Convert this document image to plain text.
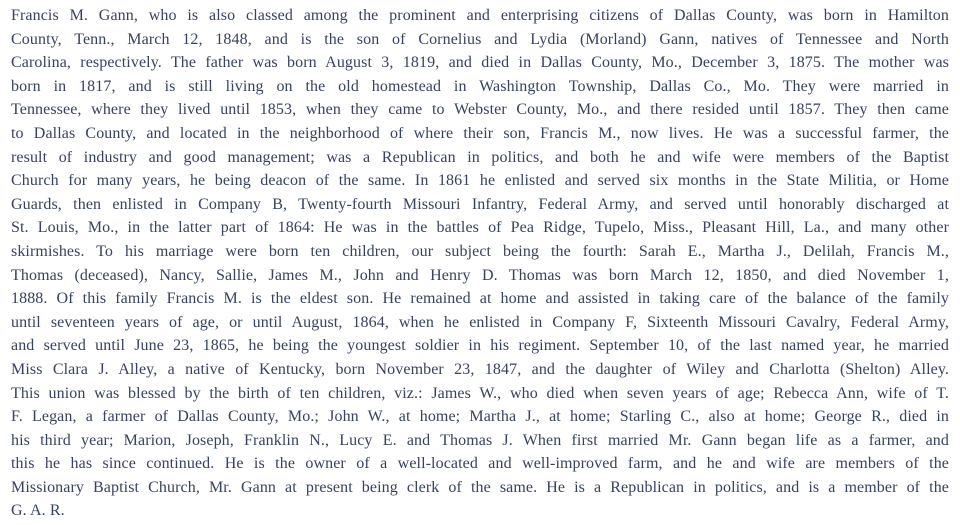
Francis M. Gann, who is also classed among the prominent and enterprising citizens of Dallas County, was born in Hamilton
County, Tenn., March 12, 1848, and is the son of Cornelius and Lydia (Morland) Gann, natives of Tennessee and North
Carolina, respectively. The father was born August 3, 1819, and died in Dallas County, Mo., December 3, 1875. The mother was
born in 1817, and is still living on the old homestead in Washington Township, Dallas Co., Mo. They were married in
Tennessee, where they lived until 1853, when they came to Webster County, Mo., and there resided until 1857. They then came
to Dallas County, and located in the neighborhood of where their son, Francis M., now lives. He was a successful farmer, the
result of industry and good management; was a Republican in politics, and both he and wife were members of the Baptist
Church for many years, he being deacon of the same. In 1861 he enlisted and served six months in the State Militia, or Home
Guards, then enlisted in Company B, Twenty-fourth Missouri Infantry, Federal Army, and served until honorably discharged at
St. Louis, Mo., in the latter part of 1864: He was in the battles of Pea Ridge, Tupelo, Miss., Pleasant Hill, La., and many other
skirmishes. To his marriage were born ten children, our subject being the fourth: Sarah E., Martha J., Delilah, Francis M.,
Thomas (deceased), Nancy, Sallie, James M., John and Henry D. Thomas was born March 12, 1850, and died November 1,
1888. Of this family Francis M. is the eldest son. He remained at home and assisted in taking care of the balance of the family
until seventeen years of age, or until August, 1864, when he enlisted in Company F, Sixteenth Missouri Cavalry, Federal Army,
and served until June 23, 1865, he being the youngest soldier in his regiment. September 10, of the last named year, he married
Miss Clara J. Alley, a native of Kentucky, born November 23, 1847, and the daughter of Wiley and Charlotta (Shelton) Alley.
This union was blessed by the birth of ten children, viz.: James W., who died when seven years of age; Rebecca Ann, wife of T.
F. Legan, a farmer of Dallas County, Mo.; John W., at home; Martha J., at home; Starling C., also at home; George R., died in
his third year; Marion, Joseph, Franklin N., Lucy E. and Thomas J. When first married Mr. Gann began life as a farmer, and
this he has since continued. He is the owner of a well-located and well-improved farm, and he and wife are members of the
Missionary Baptist Church, Mr. Gann at present being clerk of the same. He is a Republican in politics, and is a member of the
G. A. R.
